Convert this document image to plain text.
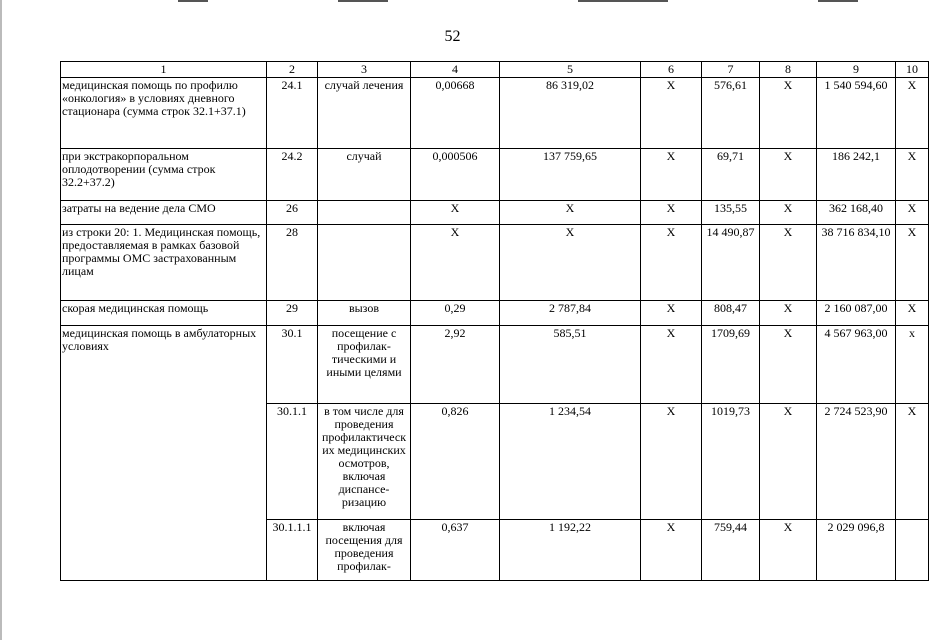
52
1	2	3	4	5	6	7	8	9	10
медицинская помощь по профилю «онкология» в условиях дневного стационара (сумма строк 32.1+37.1)	24.1	случай лечения	0,00668	86 319,02	X	576,61	X	1 540 594,60	X
при экстракорпоральном оплодотворении (сумма строк 32.2+37.2)	24.2	случай	0,000506	137 759,65	X	69,71	X	186 242,1	X
затраты на ведение дела СМО	26		X	X	X	135,55	X	362 168,40	X
из строки 20: 1. Медицинская помощь, предоставляемая в рамках базовой программы ОМС застрахованным лицам	28		X	X	X	14 490,87	X	38 716 834,10	X
скорая медицинская помощь	29	вызов	0,29	2 787,84	X	808,47	X	2 160 087,00	X
медицинская помощь в амбулаторных условиях	30.1	посещение с профилак-тическими и иными целями	2,92	585,51	X	1709,69	X	4 567 963,00	x
	30.1.1	в том числе для проведения профилактическ их медицинских осмотров, включая диспансе-ризацию	0,826	1 234,54	X	1019,73	X	2 724 523,90	X
	30.1.1.1	включая посещения для проведения профилак-	0,637	1 192,22	X	759,44	X	2 029 096,8	
